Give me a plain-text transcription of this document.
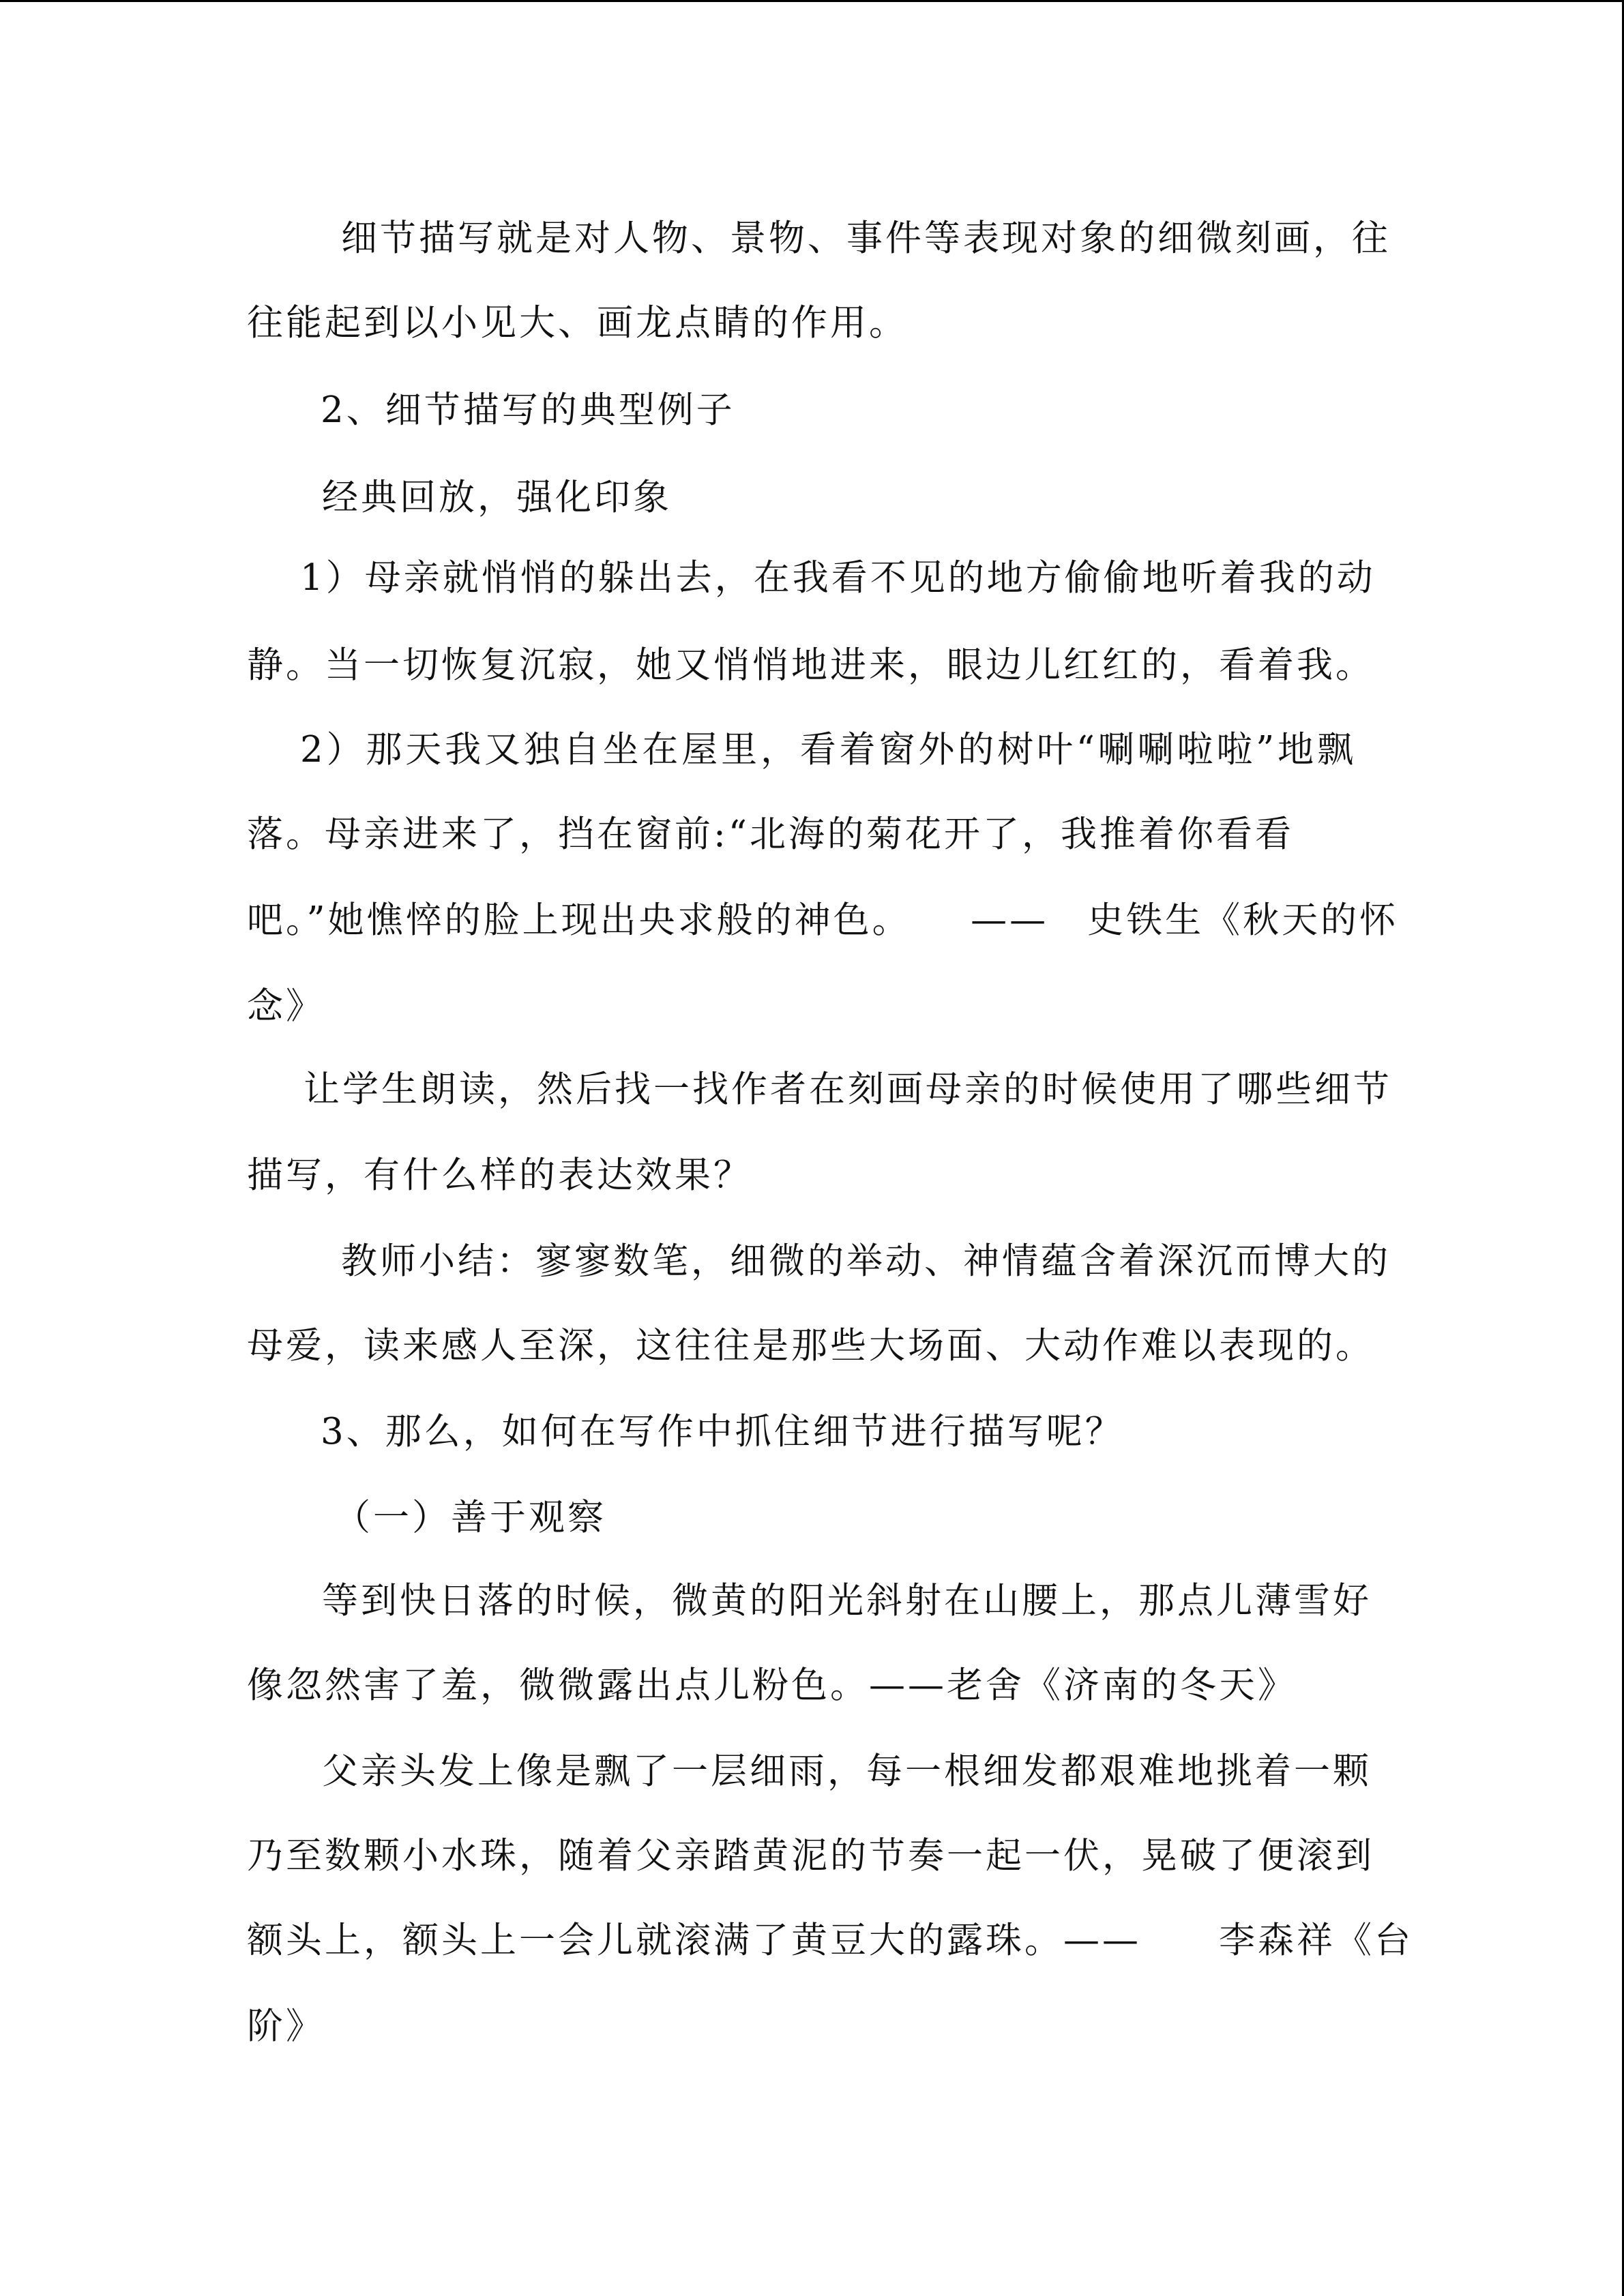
细节描写就是对人物、景物、事件等表现对象的细微刻画，往
往能起到以小见大、画龙点睛的作用。
2、细节描写的典型例子
经典回放，强化印象
1）母亲就悄悄的躲出去，在我看不见的地方偷偷地听着我的动
静。当一切恢复沉寂，她又悄悄地进来，眼边儿红红的，看着我。
2）那天我又独自坐在屋里，看着窗外的树叶“唰唰啦啦”地飘
落。母亲进来了，挡在窗前:“北海的菊花开了，我推着你看看
吧。”她憔悴的脸上现出央求般的神色。　　——　史铁生《秋天的怀
念》
让学生朗读，然后找一找作者在刻画母亲的时候使用了哪些细节
描写，有什么样的表达效果？
教师小结：寥寥数笔，细微的举动、神情蕴含着深沉而博大的
母爱，读来感人至深，这往往是那些大场面、大动作难以表现的。
3、那么，如何在写作中抓住细节进行描写呢？
（一）善于观察
等到快日落的时候，微黄的阳光斜射在山腰上，那点儿薄雪好
像忽然害了羞，微微露出点儿粉色。——老舍《济南的冬天》
父亲头发上像是飘了一层细雨，每一根细发都艰难地挑着一颗
乃至数颗小水珠，随着父亲踏黄泥的节奏一起一伏，晃破了便滚到
额头上，额头上一会儿就滚满了黄豆大的露珠。——　　李森祥《台
阶》
